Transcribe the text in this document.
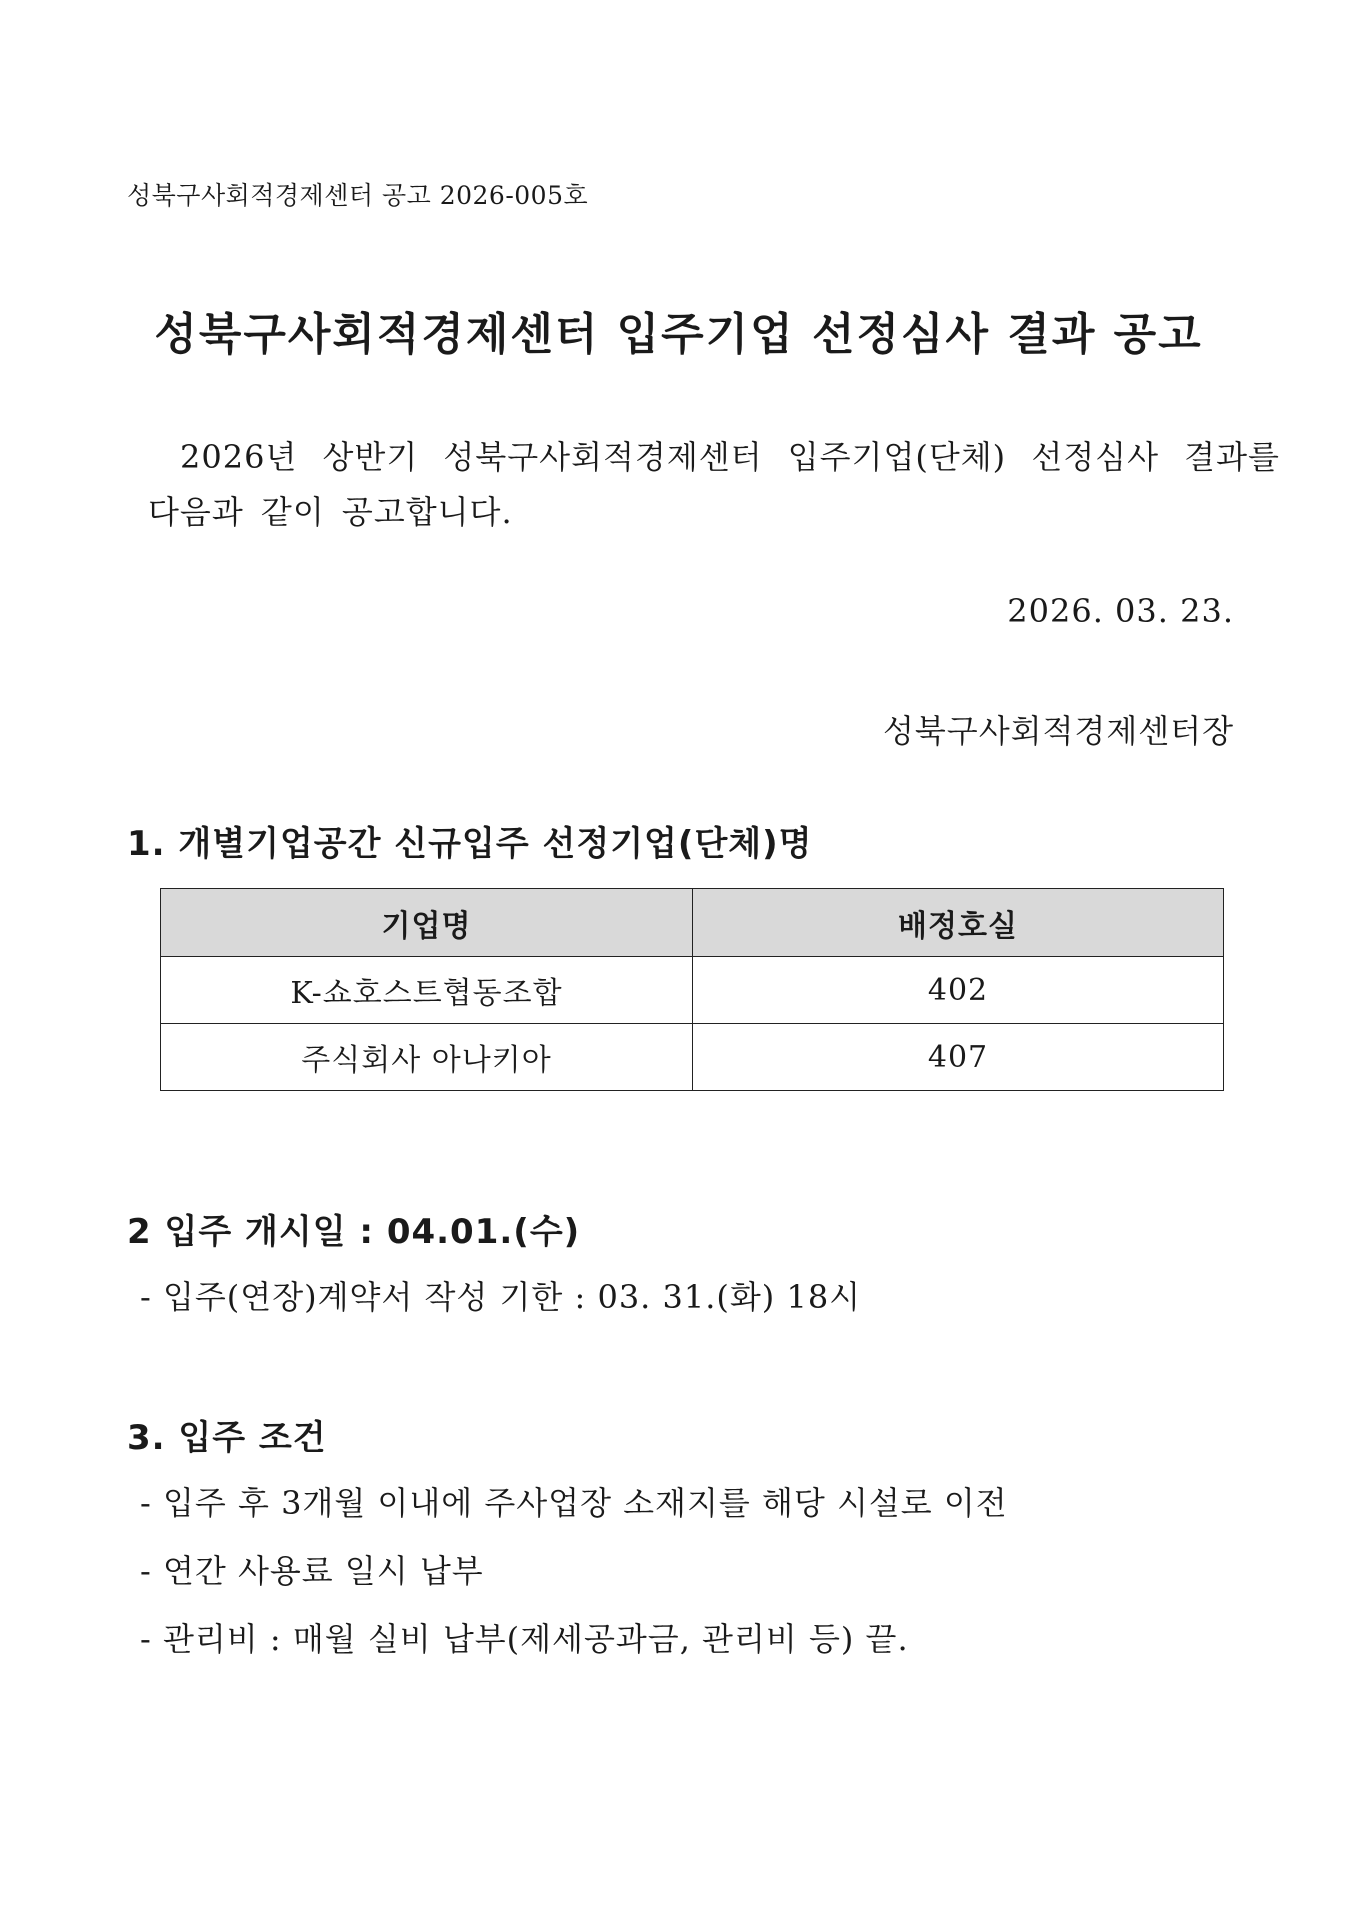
성북구사회적경제센터 공고 2026-005호
성북구사회적경제센터 입주기업 선정심사 결과 공고
2026년 상반기 성북구사회적경제센터 입주기업(단체) 선정심사 결과를
다음과 같이 공고합니다.
2026. 03. 23.
성북구사회적경제센터장
1. 개별기업공간 신규입주 선정기업(단체)명
기업명	배정호실
K-쇼호스트협동조합	402
주식회사 아나키아	407
2 입주 개시일 : 04.01.(수)
- 입주(연장)계약서 작성 기한 : 03. 31.(화) 18시
3. 입주 조건
- 입주 후 3개월 이내에 주사업장 소재지를 해당 시설로 이전
- 연간 사용료 일시 납부
- 관리비 : 매월 실비 납부(제세공과금, 관리비 등) 끝.
